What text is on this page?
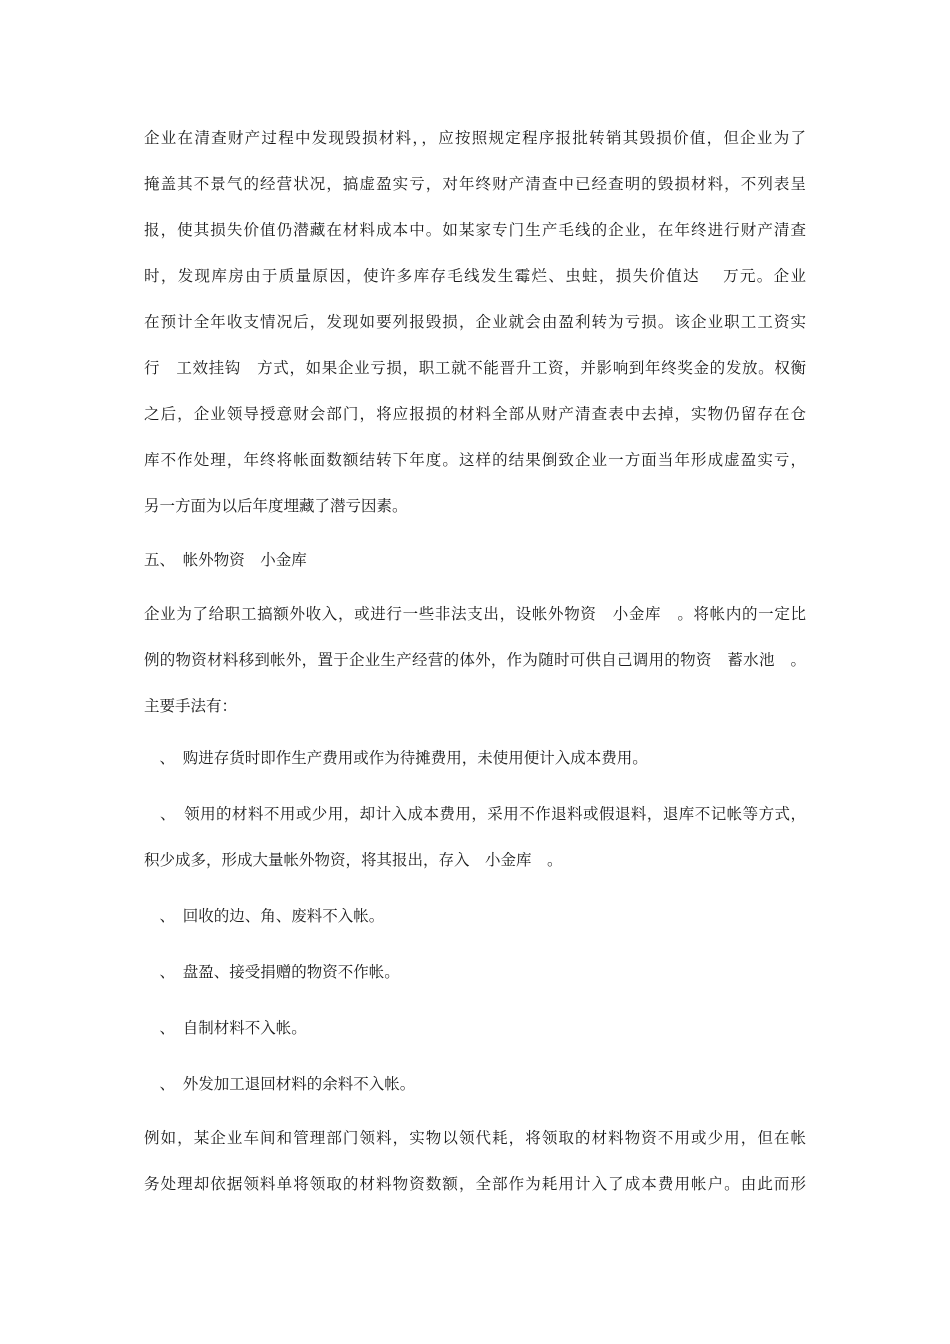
企业在清查财产过程中发现毁损材料，，应按照规定程序报批转销其毁损价值，但企业为了
掩盖其不景气的经营状况，搞虚盈实亏，对年终财产清查中已经查明的毁损材料，不列表呈
报，使其损失价值仍潜藏在材料成本中。如某家专门生产毛线的企业，在年终进行财产清查
时，发现库房由于质量原因，使许多库存毛线发生霉烂、虫蛀，损失价值达　 万元。企业
在预计全年收支情况后，发现如要列报毁损，企业就会由盈利转为亏损。该企业职工工资实
行　工效挂钩　方式，如果企业亏损，职工就不能晋升工资，并影响到年终奖金的发放。权衡
之后，企业领导授意财会部门，将应报损的材料全部从财产清查表中去掉，实物仍留存在仓
库不作处理，年终将帐面数额结转下年度。这样的结果倒致企业一方面当年形成虚盈实亏，
另一方面为以后年度埋藏了潜亏因素。
五、　帐外物资　小金库
企业为了给职工搞额外收入，或进行一些非法支出，设帐外物资　小金库　。将帐内的一定比
例的物资材料移到帐外，置于企业生产经营的体外，作为随时可供自己调用的物资　蓄水池　。
主要手法有：
　、　购进存货时即作生产费用或作为待摊费用，未使用便计入成本费用。
　、　领用的材料不用或少用，却计入成本费用，采用不作退料或假退料，退库不记帐等方式，
积少成多，形成大量帐外物资，将其报出，存入　小金库　。
　、　回收的边、角、废料不入帐。
　、　盘盈、接受捐赠的物资不作帐。
　、　自制材料不入帐。
　、　外发加工退回材料的余料不入帐。
例如，某企业车间和管理部门领料，实物以领代耗，将领取的材料物资不用或少用，但在帐
务处理却依据领料单将领取的材料物资数额，全部作为耗用计入了成本费用帐户。由此而形
